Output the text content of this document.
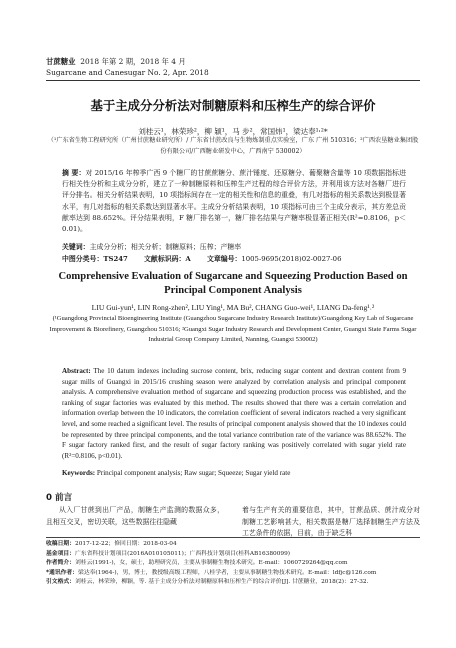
甘蔗糖业 2018 年第 2 期，2018 年 4 月
Sugarcane and Canesugar No. 2, Apr. 2018
基于主成分分析法对制糖原料和压榨生产的综合评价
刘桂云¹，林荣珍²，柳 颖¹，马 步²，常国炜¹，梁达奉¹˒²*
（¹广东省生物工程研究所（广州甘蔗糖业研究所）/ 广东省甘蔗改良与生物炼制重点实验室，广东 广州 510316；²广西农垦糖业集团股份有限公司/广西糖业研发中心，广西南宁 530002）
摘 要：对 2015/16 年榨季广西 9 个糖厂的甘蔗蔗糖分、蔗汁锤度、还原糖分、葡聚糖含量等 10 项数据指标进行相关性分析和主成分分析，建立了一种制糖原料和压榨生产过程的综合评价方法，并利用该方法对各糖厂进行评分排名。相关分析结果表明，10 项指标间存在一定的相关性和信息的重叠，有几对指标的相关系数达到极显著水平，有几对指标的相关系数达到显著水平。主成分分析结果表明，10 项指标可由三个主成分表示，其方差总贡献率达到 88.652%。评分结果表明，F 糖厂排名第一，糖厂排名结果与产糖率极显著正相关(R²=0.8106，p＜0.01)。
关键词：主成分分析；相关分析；制糖原料；压榨；产糖率
中图分类号：TS247 文献标识码：A 文章编号：1005-9695(2018)02-0027-06
Comprehensive Evaluation of Sugarcane and Squeezing Production Based on Principal Component Analysis
LIU Gui-yun¹, LIN Rong-zhen², LIU Ying¹, MA Bu², CHANG Guo-wei¹, LIANG Da-feng¹˒²
(¹Guangdong Provincial Bioengineering Institute (Guangzhou Sugarcane Industry Research Institute)/Guangdong Key Lab of Sugarcane Improvement & Biorefinery, Guangzhou 510316; ²Guangxi Sugar Industry Research and Development Center, Guangxi State Farms Sugar Industrial Group Company Limited, Nanning, Guangxi 530002)
Abstract: The 10 datum indexes including sucrose content, brix, reducing sugar content and dextran content from 9 sugar mills of Guangxi in 2015/16 crushing season were analyzed by correlation analysis and principal component analysis. A comprehensive evaluation method of sugarcane and squeezing production process was established, and the ranking of sugar factories was evaluated by this method. The results showed that there was a certain correlation and information overlap between the 10 indicators, the correlation coefficient of several indicators reached a very significant level, and some reached a significant level. The results of principal component analysis showed that the 10 indexes could be represented by three principal components, and the total variance contribution rate of the variance was 88.652%. The F sugar factory ranked first, and the result of sugar factory ranking was positively correlated with sugar yield rate (R²=0.8106, p<0.01).
Keywords: Principal component analysis; Raw sugar; Squeeze; Sugar yield rate
0 前言
从入厂甘蔗到出厂产品，制糖生产监测的数据众多，且相互交叉，密切关联，这些数据往往隐藏
着与生产有关的重要信息，其中，甘蔗品质、蔗汁成分对制糖工艺影响甚大，相关数据是糖厂选择制糖生产方法及工艺条件的依据，目前，由于缺乏科
收稿日期：2017-12-22；修回日期：2018-03-04
基金项目：广东省科技计划项目(2016A010105011)；广西科技计划项目(桂科AB16380099)
作者简介：刘桂云(1991-)，女，硕士，助理研究员，主要从事制糖生物技术研究。E-mail：1060729264@qq.com
*通讯作者：梁达奉(1964-)，男，博士，教授级高级工程师，八桂学者，主要从事制糖生物技术研究。E-mail：ldfjc@126.com
引文格式：刘桂云，林荣珍，柳颖，等. 基于主成分分析法对制糖原料和压榨生产的综合评价[J]. 甘蔗糖业，2018(2)：27-32.
